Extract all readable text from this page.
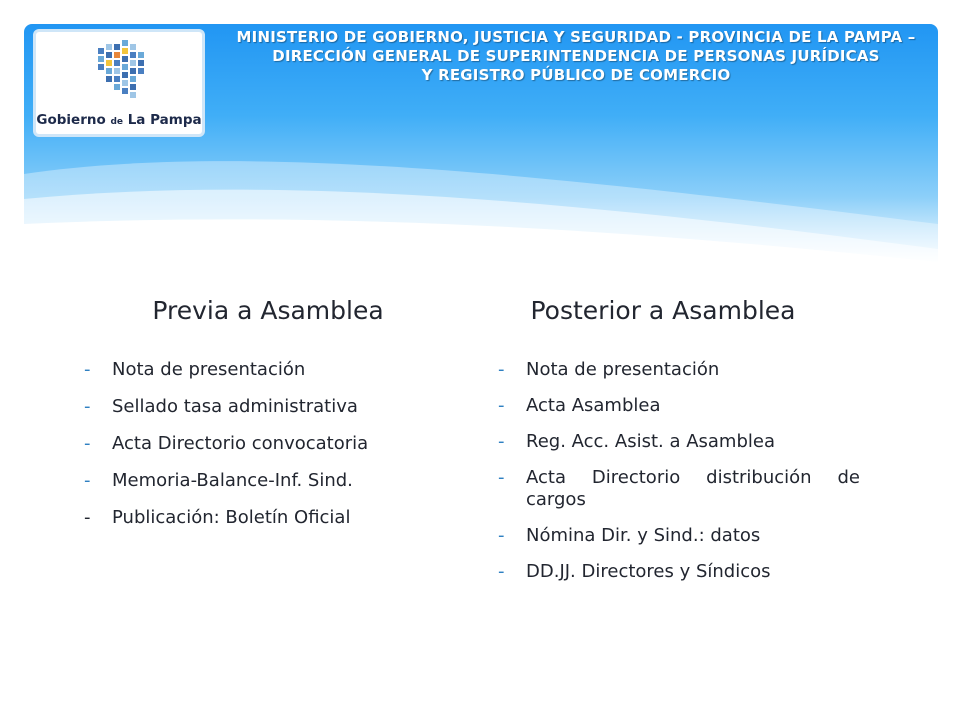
MINISTERIO DE GOBIERNO, JUSTICIA Y SEGURIDAD - PROVINCIA DE LA PAMPA –
DIRECCIÓN GENERAL DE SUPERINTENDENCIA DE PERSONAS JURÍDICAS
Y REGISTRO PÚBLICO DE COMERCIO
Gobierno de La Pampa
Previa a Asamblea
- Nota de presentación
- Sellado tasa administrativa
- Acta Directorio convocatoria
- Memoria-Balance-Inf. Sind.
- Publicación: Boletín Oficial
Posterior a Asamblea
- Nota de presentación
- Acta Asamblea
- Reg. Acc. Asist. a Asamblea
- Acta Directorio distribución de cargos
- Nómina Dir. y Sind.: datos
- DD.JJ. Directores y Síndicos
